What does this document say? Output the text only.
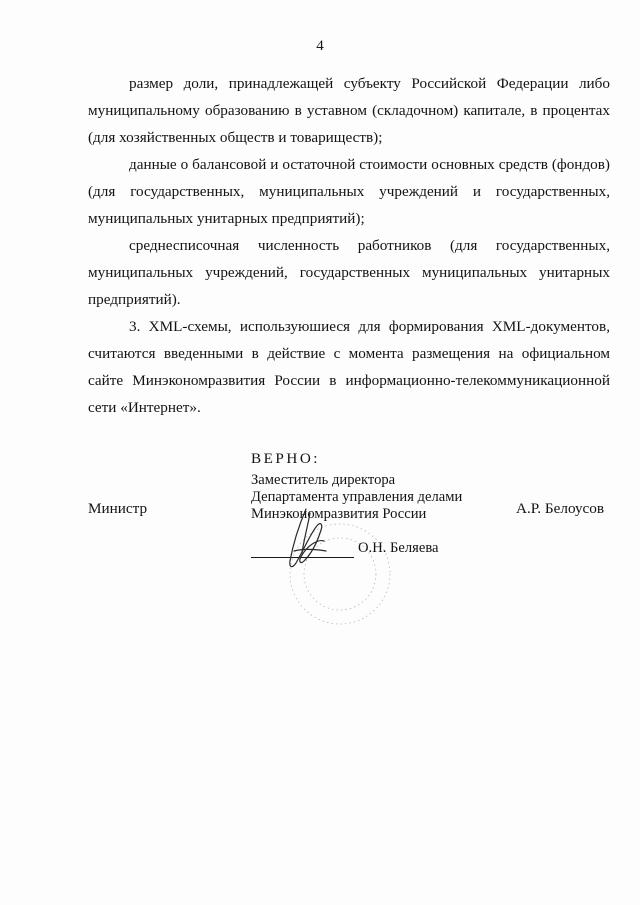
4

размер доли, принадлежащей субъекту Российской Федерации либо муниципальному образованию в уставном (складочном) капитале, в процентах (для хозяйственных обществ и товариществ);

данные о балансовой и остаточной стоимости основных средств (фондов) (для государственных, муниципальных учреждений и государственных, муниципальных унитарных предприятий);

среднесписочная численность работников (для государственных, муниципальных учреждений, государственных муниципальных унитарных предприятий).

3. XML-схемы, используюшиеся для формирования XML-документов, считаются введенными в действие с момента размещения на официальном сайте Минэкономразвития России в информационно-телекоммуникационной сети «Интернет».

ВЕРНО:
Заместитель директора
Департамента управления делами
Минэкономразвития России
Министр	А.Р. Белоусов
О.Н. Беляева
